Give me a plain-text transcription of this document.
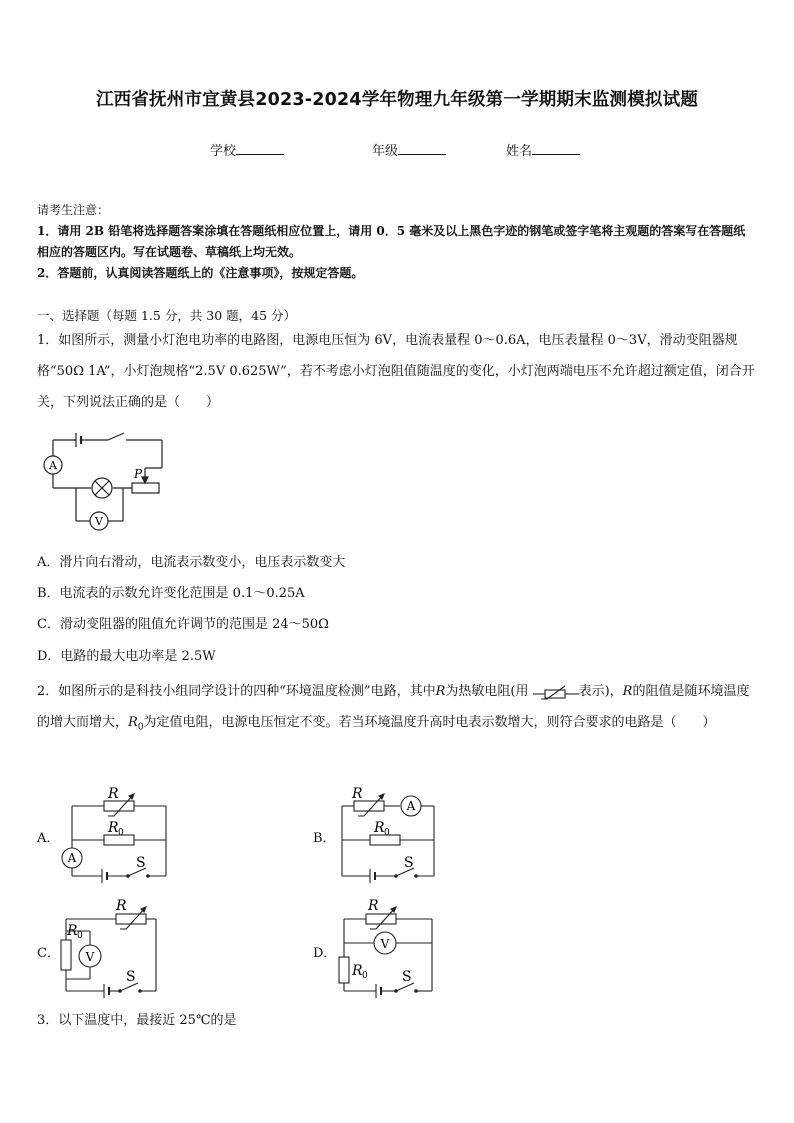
江西省抚州市宜黄县2023-2024学年物理九年级第一学期期末监测模拟试题
学校	年级	姓名
请考生注意：
1．请用 2B 铅笔将选择题答案涂填在答题纸相应位置上，请用 0．5 毫米及以上黑色字迹的钢笔或签字笔将主观题的答案写在答题纸相应的答题区内。写在试题卷、草稿纸上均无效。
2．答题前，认真阅读答题纸上的《注意事项》，按规定答题。
一、选择题（每题 1.5 分，共 30 题，45 分）
1．如图所示，测量小灯泡电功率的电路图，电源电压恒为 6V，电流表量程 0～0.6A，电压表量程 0～3V，滑动变阻器规格“50Ω 1A”，小灯泡规格“2.5V 0.625W”，若不考虑小灯泡阻值随温度的变化，小灯泡两端电压不允许超过额定值，闭合开关，下列说法正确的是（　　）
A
V
P
A．滑片向右滑动，电流表示数变小，电压表示数变大
B．电流表的示数允许变化范围是 0.1～0.25A
C．滑动变阻器的阻值允许调节的范围是 24～50Ω
D．电路的最大电功率是 2.5W
2．如图所示的是科技小组同学设计的四种“环境温度检测”电路，其中R为热敏电阻(用	表示)，R的阻值是随环境温度的增大而增大，$R_0$为定值电阻，电源电压恒定不变。若当环境温度升高时电表示数增大，则符合要求的电路是（　　）
A．	B．
C．	D．
R
R 0
A	S
R
R 0
A
S
R
R 0
V
S
R
R 0
V
S
3．以下温度中，最接近 25℃的是
